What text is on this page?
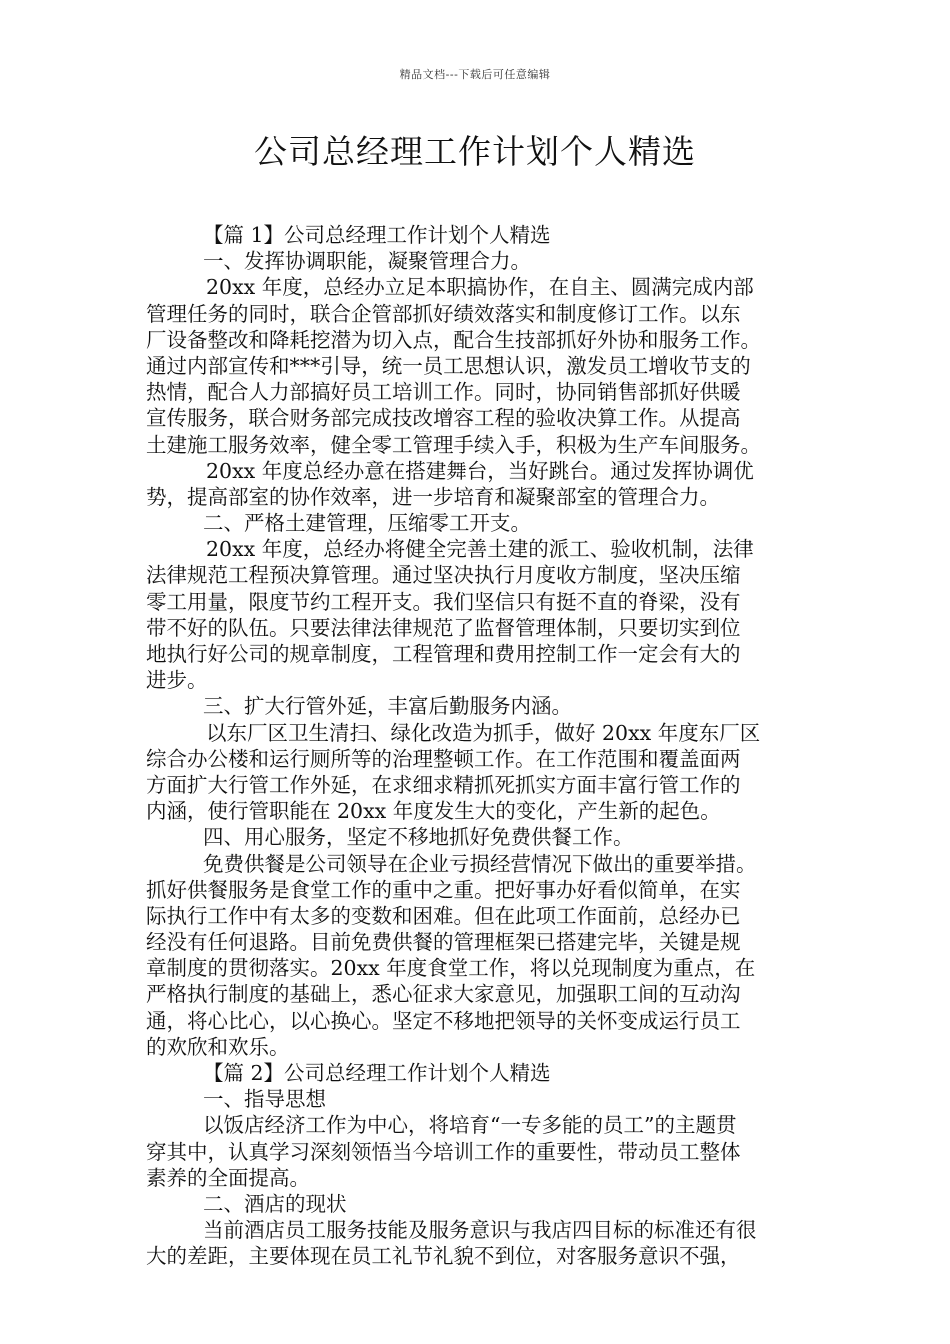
精品文档---下载后可任意编辑
公司总经理工作计划个人精选
【篇 1】公司总经理工作计划个人精选
一、发挥协调职能，凝聚管理合力。
20xx 年度，总经办立足本职搞协作，在自主、圆满完成内部
管理任务的同时，联合企管部抓好绩效落实和制度修订工作。以东
厂设备整改和降耗挖潜为切入点，配合生技部抓好外协和服务工作。
通过内部宣传和***引导，统一员工思想认识，激发员工增收节支的
热情，配合人力部搞好员工培训工作。同时，协同销售部抓好供暖
宣传服务，联合财务部完成技改增容工程的验收决算工作。从提高
土建施工服务效率，健全零工管理手续入手，积极为生产车间服务。
20xx 年度总经办意在搭建舞台，当好跳台。通过发挥协调优
势，提高部室的协作效率，进一步培育和凝聚部室的管理合力。
二、严格土建管理，压缩零工开支。
20xx 年度，总经办将健全完善土建的派工、验收机制，法律
法律规范工程预决算管理。通过坚决执行月度收方制度，坚决压缩
零工用量，限度节约工程开支。我们坚信只有挺不直的脊梁，没有
带不好的队伍。只要法律法律规范了监督管理体制，只要切实到位
地执行好公司的规章制度，工程管理和费用控制工作一定会有大的
进步。
三、扩大行管外延，丰富后勤服务内涵。
以东厂区卫生清扫、绿化改造为抓手，做好 20xx 年度东厂区
综合办公楼和运行厕所等的治理整顿工作。在工作范围和覆盖面两
方面扩大行管工作外延，在求细求精抓死抓实方面丰富行管工作的
内涵，使行管职能在 20xx 年度发生大的变化，产生新的起色。
四、用心服务，坚定不移地抓好免费供餐工作。
免费供餐是公司领导在企业亏损经营情况下做出的重要举措。
抓好供餐服务是食堂工作的重中之重。把好事办好看似简单，在实
际执行工作中有太多的变数和困难。但在此项工作面前，总经办已
经没有任何退路。目前免费供餐的管理框架已搭建完毕，关键是规
章制度的贯彻落实。20xx 年度食堂工作，将以兑现制度为重点，在
严格执行制度的基础上，悉心征求大家意见，加强职工间的互动沟
通，将心比心，以心换心。坚定不移地把领导的关怀变成运行员工
的欢欣和欢乐。
【篇 2】公司总经理工作计划个人精选
一、指导思想
以饭店经济工作为中心，将培育“一专多能的员工”的主题贯
穿其中，认真学习深刻领悟当今培训工作的重要性，带动员工整体
素养的全面提高。
二、酒店的现状
当前酒店员工服务技能及服务意识与我店四目标的标准还有很
大的差距，主要体现在员工礼节礼貌不到位，对客服务意识不强，
